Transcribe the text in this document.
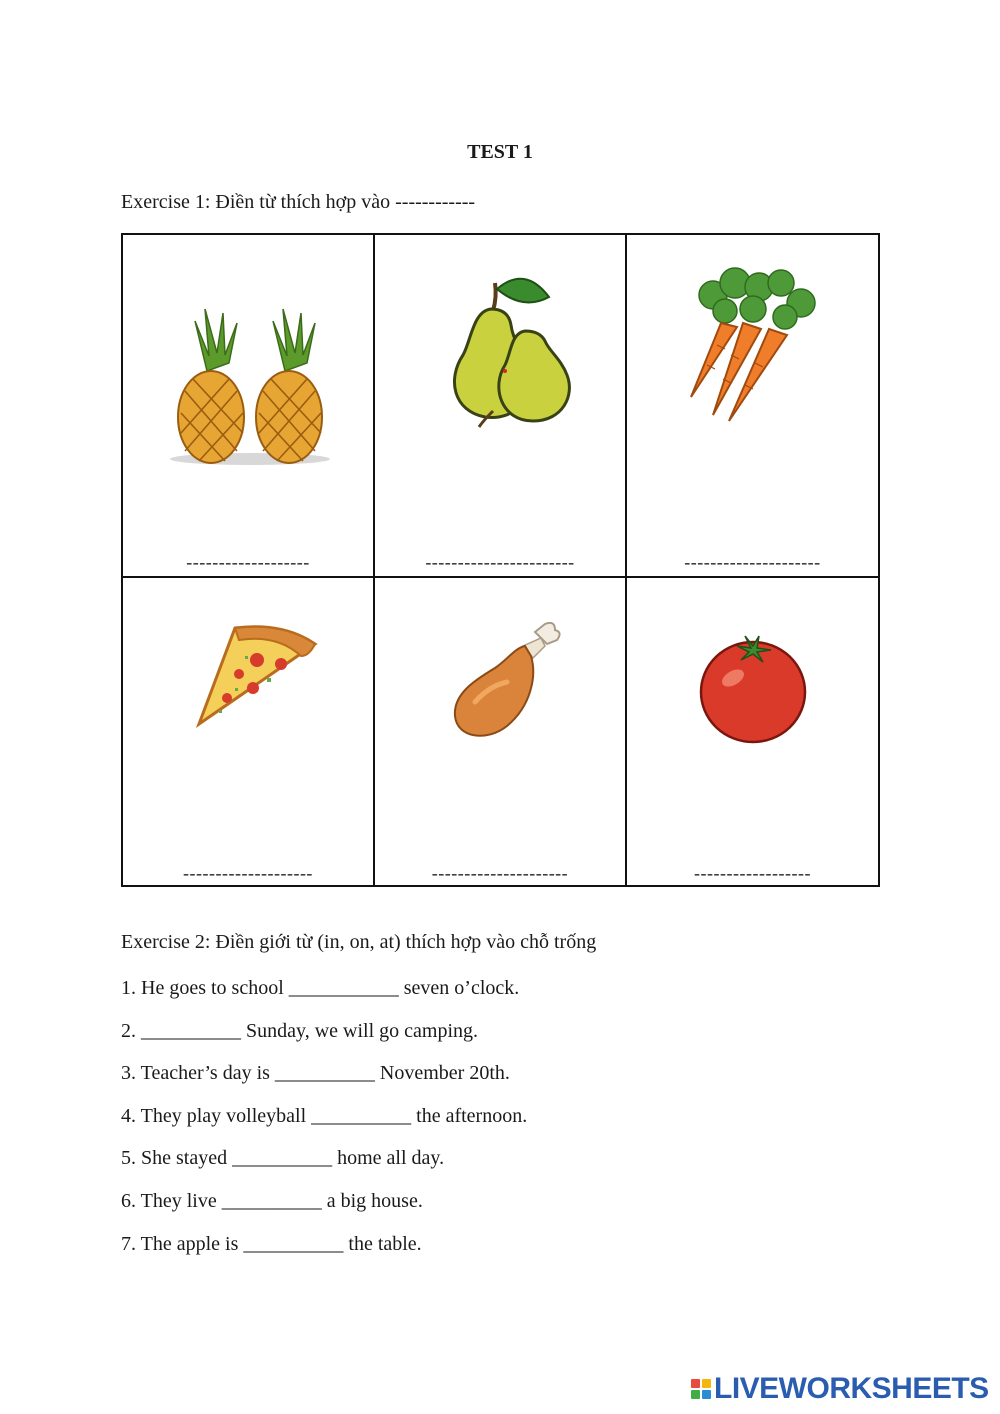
TEST 1
Exercise 1: Điền từ thích hợp vào ------------
-------------------	-----------------------	---------------------
--------------------	---------------------	------------------
Exercise 2: Điền giới từ (in, on, at) thích hợp vào chỗ trống
1. He goes to school ___________ seven o’clock.
2. __________ Sunday, we will go camping.
3. Teacher’s day is __________ November 20th.
4. They play volleyball __________ the afternoon.
5. She stayed __________ home all day.
6. They live __________ a big house.
7. The apple is __________ the table.
LIVEWORKSHEETS
